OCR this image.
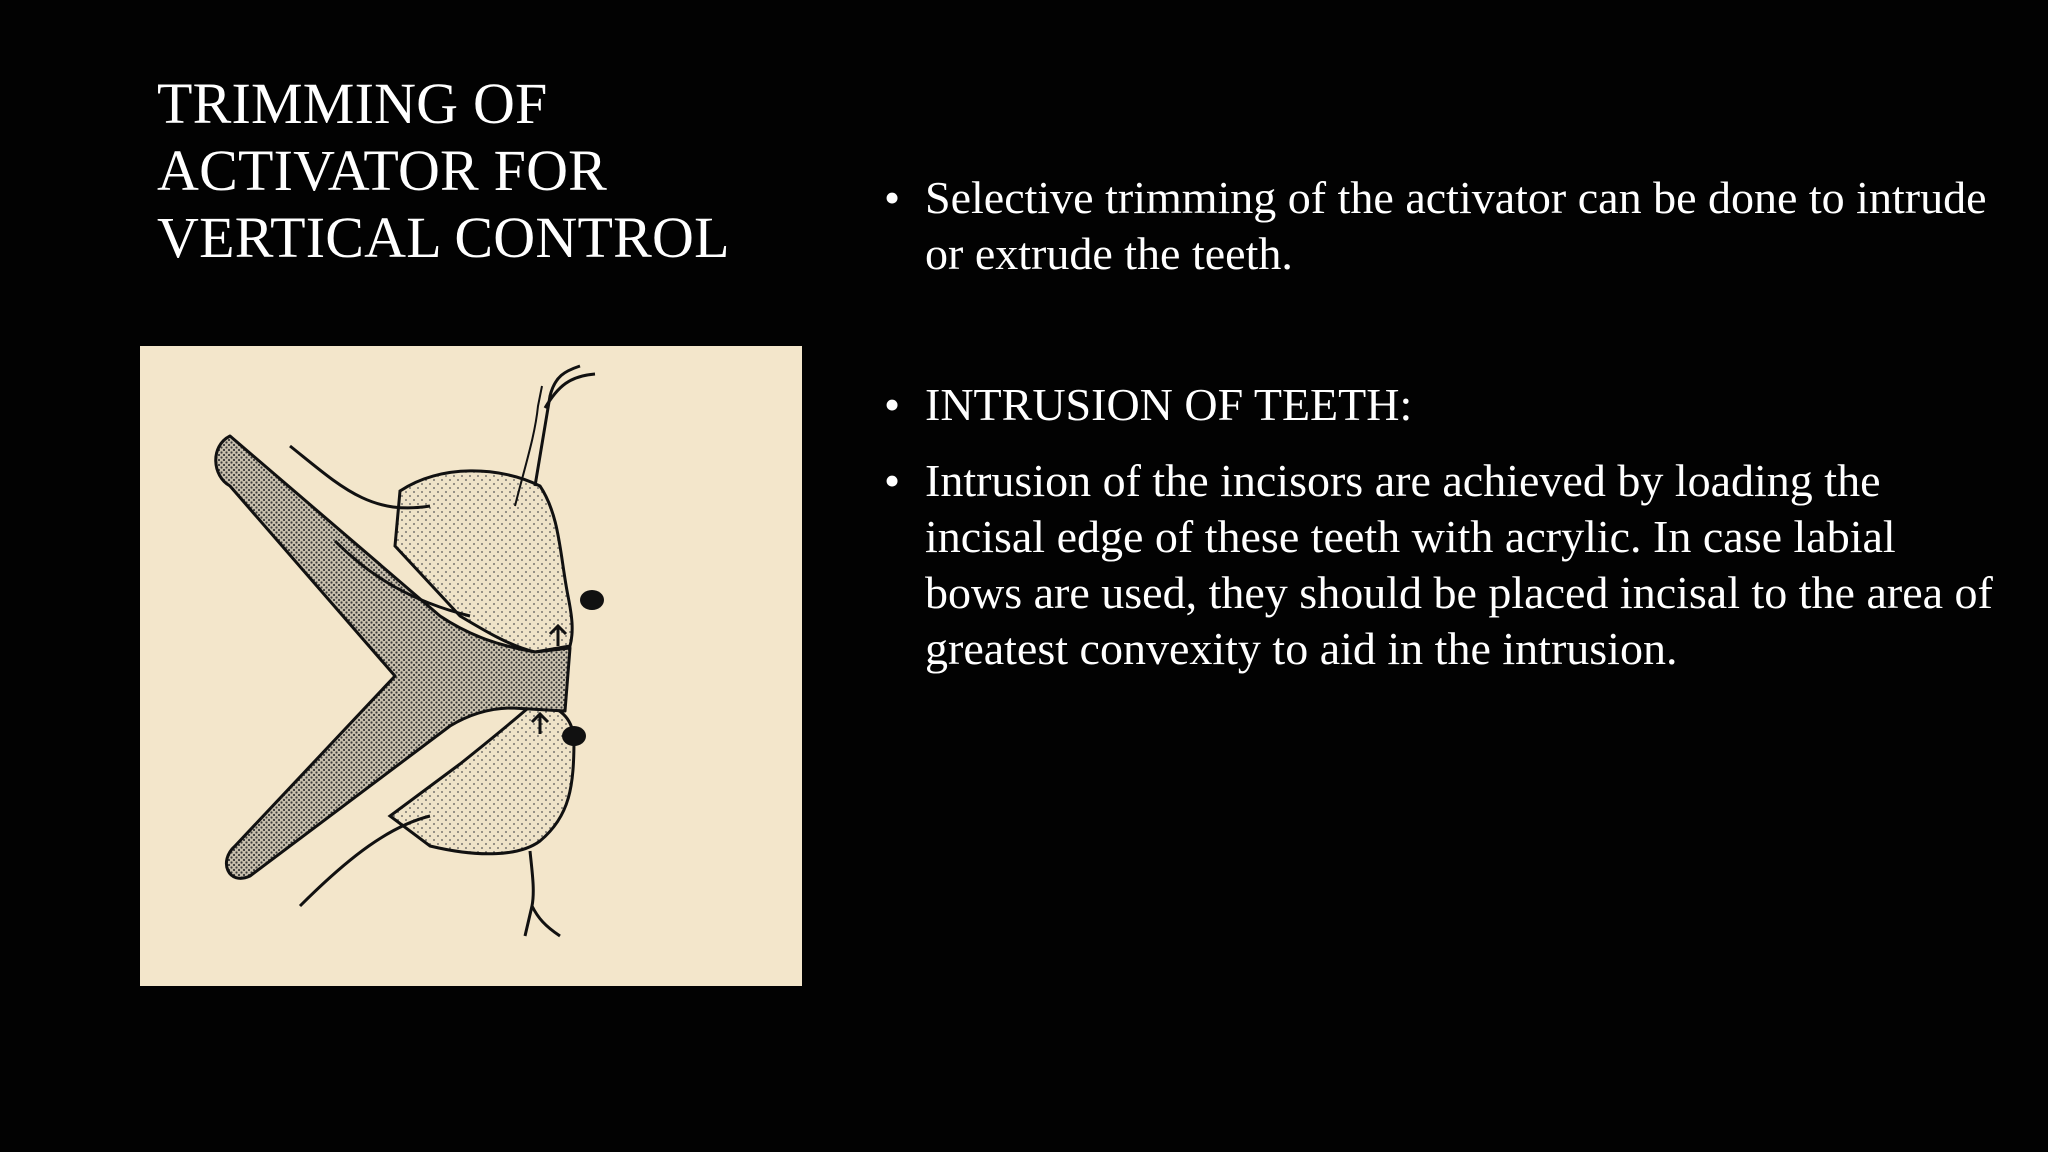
TRIMMING OF
ACTIVATOR FOR
VERTICAL CONTROL
• Selective trimming of the activator can be done to intrude or extrude the teeth.
• INTRUSION OF TEETH:
• Intrusion of the incisors are achieved by loading the incisal edge of these teeth with acrylic. In case labial bows are used, they should be placed incisal to the area of greatest convexity to aid in the intrusion.
